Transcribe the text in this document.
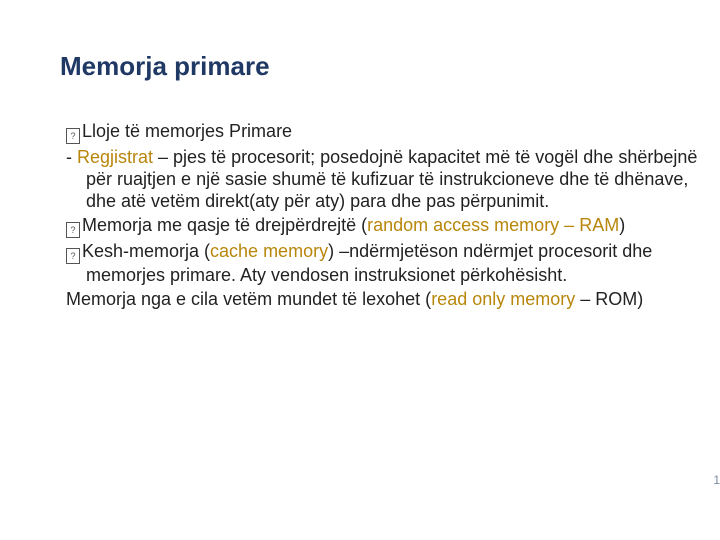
Memorja primare

? Lloje të memorjes Primare

- Regjistrat – pjes të procesorit; posedojnë kapacitet më të vogël dhe shërbejnë për ruajtjen e një sasie shumë të kufizuar të instrukcioneve dhe të dhënave, dhe atë vetëm direkt(aty për aty) para dhe pas përpunimit.

? Memorja me qasje të drejpërdrejtë (random access memory – RAM)

? Kesh-memorja (cache memory) –ndërmjetëson ndërmjet procesorit dhe memorjes primare. Aty vendosen instruksionet përkohësisht.

Memorja nga e cila vetëm mundet të lexohet (read only memory – ROM)

1
